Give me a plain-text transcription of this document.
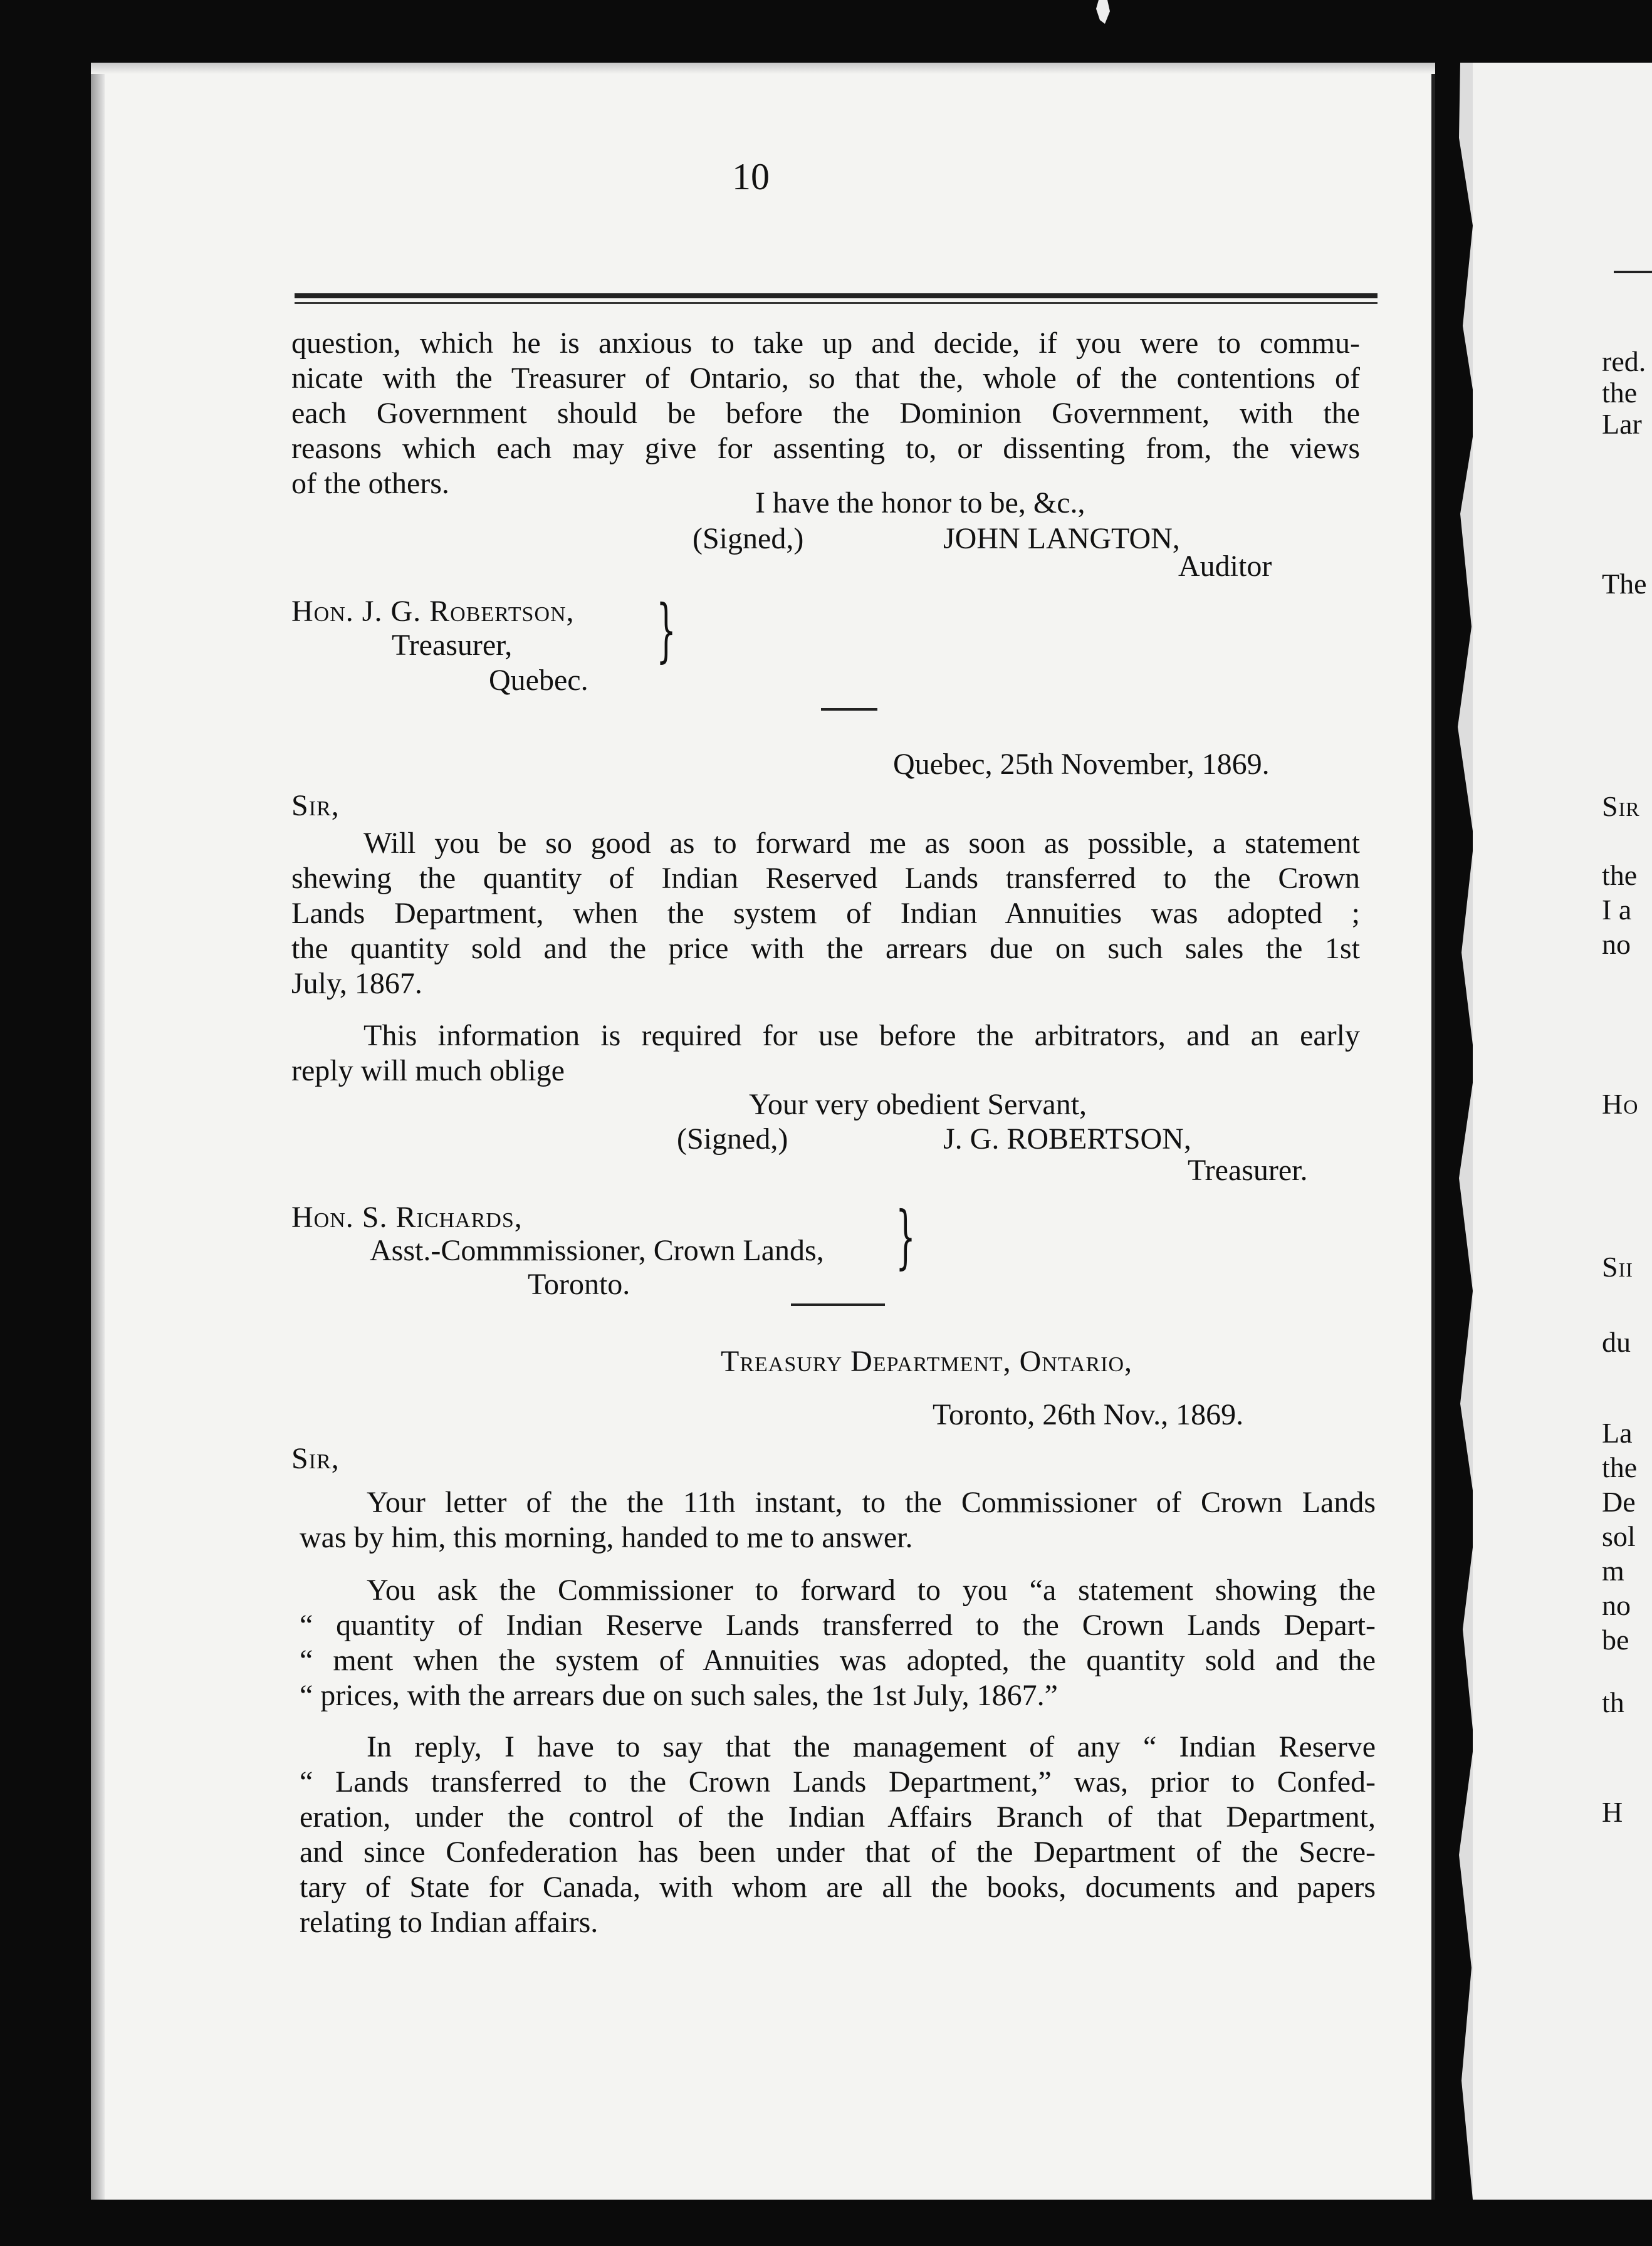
red.
the
Lar
The
Sir
the
I a
no
Ho
Sii
du
La
the
De
sol
m
no
be
th
H
10
question, which he is anxious to take up and decide, if you were to commu-
nicate with the Treasurer of Ontario, so that the, whole of the contentions of
each Government should be before the Dominion Government, with the
reasons which each may give for assenting to, or dissenting from, the views
of the others.
I have the honor to be, &c.,
(Signed,)	JOHN LANGTON,
Auditor
Hon. J. G. Robertson,
Treasurer,
Quebec.
}
Quebec, 25th November, 1869.
Sir,
Will you be so good as to forward me as soon as possible, a statement
shewing the quantity of Indian Reserved Lands transferred to the Crown
Lands Department, when the system of Indian Annuities was adopted ;
the quantity sold and the price with the arrears due on such sales the 1st
July, 1867.
This information is required for use before the arbitrators, and an early
reply will much oblige
Your very obedient Servant,
(Signed,)	J. G. ROBERTSON,
Treasurer.
Hon. S. Richards,
Asst.-Commmissioner, Crown Lands,
Toronto.
}
Treasury Department, Ontario,
Toronto, 26th Nov., 1869.
Sir,
Your letter of the the 11th instant, to the Commissioner of Crown Lands
was by him, this morning, handed to me to answer.
You ask the Commissioner to forward to you “a statement showing the
“ quantity of Indian Reserve Lands transferred to the Crown Lands Depart-
“ ment when the system of Annuities was adopted, the quantity sold and the
“ prices, with the arrears due on such sales, the 1st July, 1867.”
In reply, I have to say that the management of any “ Indian Reserve
“ Lands transferred to the Crown Lands Department,” was, prior to Confed-
eration, under the control of the Indian Affairs Branch of that Department,
and since Confederation has been under that of the Department of the Secre-
tary of State for Canada, with whom are all the books, documents and papers
relating to Indian affairs.
